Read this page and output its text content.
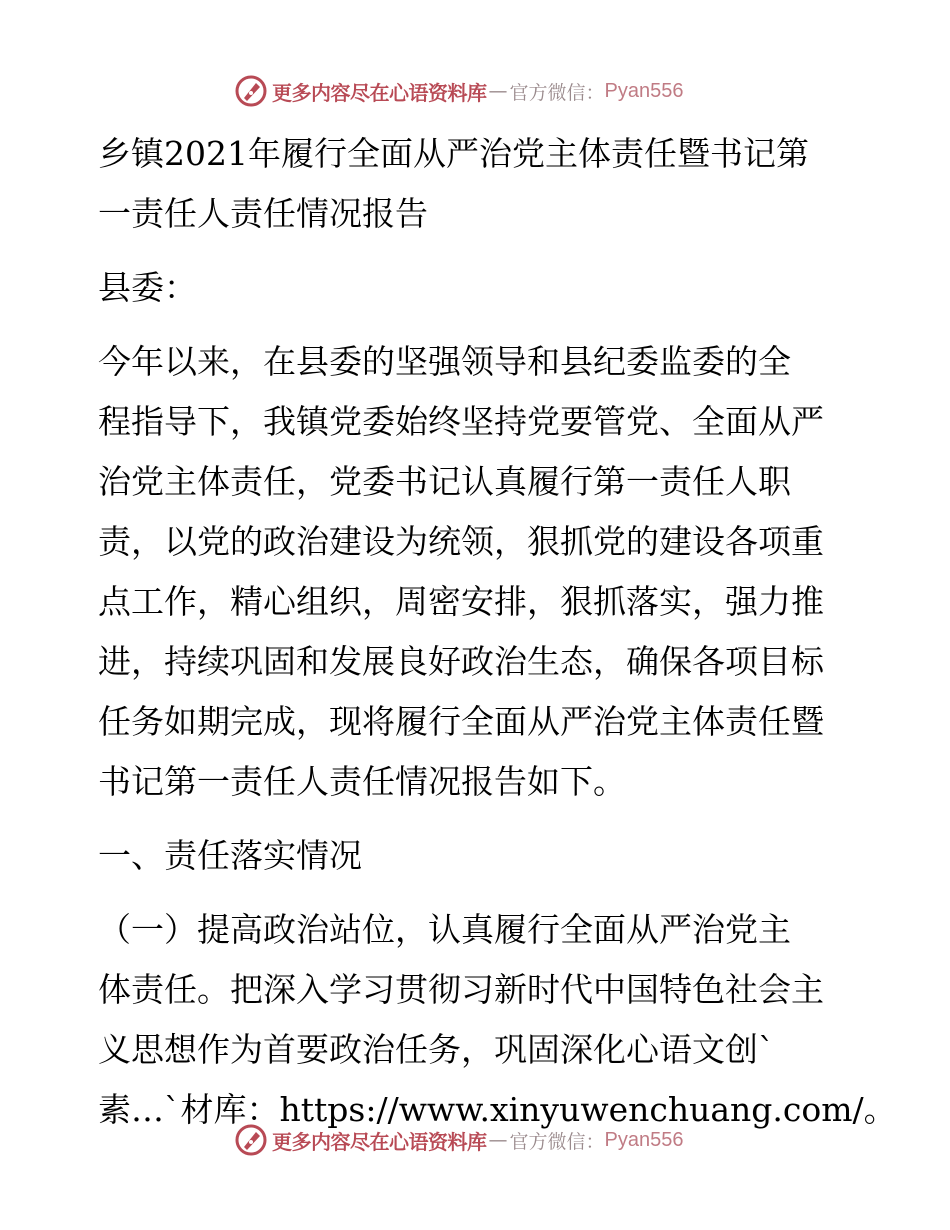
更多内容尽在心语资料库 — 官方微信： Pyan556
乡镇2021年履行全面从严治党主体责任暨书记第
一责任人责任情况报告
县委：
今年以来，在县委的坚强领导和县纪委监委的全
程指导下，我镇党委始终坚持党要管党、全面从严
治党主体责任，党委书记认真履行第一责任人职
责，以党的政治建设为统领，狠抓党的建设各项重
点工作，精心组织，周密安排，狠抓落实，强力推
进，持续巩固和发展良好政治生态，确保各项目标
任务如期完成，现将履行全面从严治党主体责任暨
书记第一责任人责任情况报告如下。
一、责任落实情况
（一）提高政治站位，认真履行全面从严治党主
体责任。把深入学习贯彻习新时代中国特色社会主
义思想作为首要政治任务，巩固深化心语文创`
素…`材库：https://www.xinyuwenchuang.com/。
更多内容尽在心语资料库 — 官方微信： Pyan556
